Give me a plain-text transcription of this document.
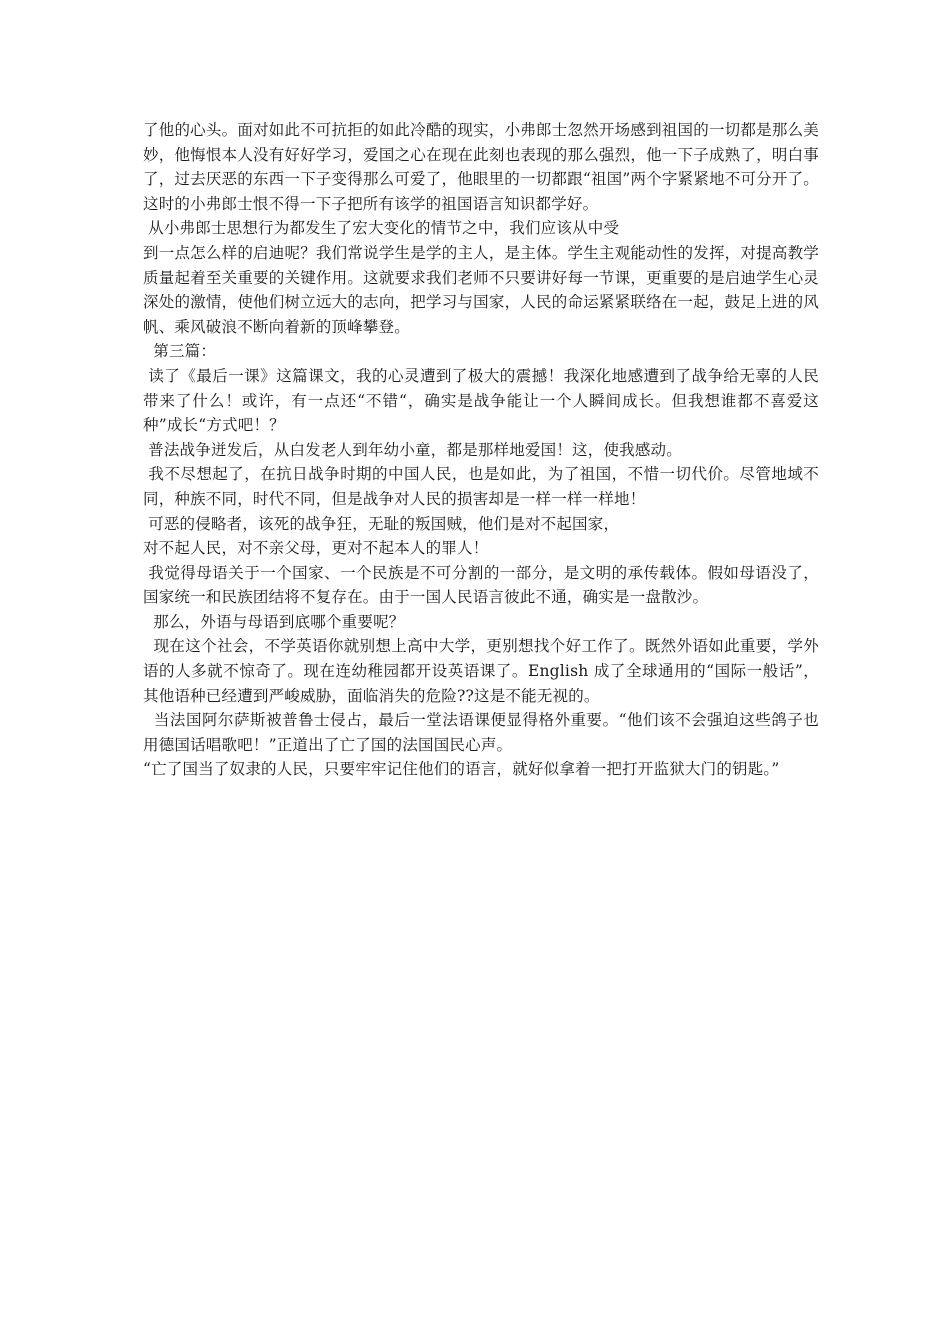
了他的心头。面对如此不可抗拒的如此冷酷的现实，小弗郎士忽然开场感到祖国的一切都是那么美妙，他悔恨本人没有好好学习，爱国之心在现在此刻也表现的那么强烈，他一下子成熟了，明白事了，过去厌恶的东西一下子变得那么可爱了，他眼里的一切都跟“祖国”两个字紧紧地不可分开了。这时的小弗郎士恨不得一下子把所有该学的祖国语言知识都学好。

从小弗郎士思想行为都发生了宏大变化的情节之中，我们应该从中受

到一点怎么样的启迪呢？我们常说学生是学的主人，是主体。学生主观能动性的发挥，对提高教学质量起着至关重要的关键作用。这就要求我们老师不只要讲好每一节课，更重要的是启迪学生心灵深处的激情，使他们树立远大的志向，把学习与国家，人民的命运紧紧联络在一起，鼓足上进的风帆、乘风破浪不断向着新的顶峰攀登。

第三篇：

读了《最后一课》这篇课文，我的心灵遭到了极大的震撼！我深化地感遭到了战争给无辜的人民带来了什么！或许，有一点还“不错“，确实是战争能让一个人瞬间成长。但我想谁都不喜爱这种”成长“方式吧！？

普法战争迸发后，从白发老人到年幼小童，都是那样地爱国！这，使我感动。

我不尽想起了，在抗日战争时期的中国人民，也是如此，为了祖国，不惜一切代价。尽管地域不同，种族不同，时代不同，但是战争对人民的损害却是一样一样一样地！

可恶的侵略者，该死的战争狂，无耻的叛国贼，他们是对不起国家，

对不起人民，对不亲父母，更对不起本人的罪人！

我觉得母语关于一个国家、一个民族是不可分割的一部分，是文明的承传载体。假如母语没了，国家统一和民族团结将不复存在。由于一国人民语言彼此不通，确实是一盘散沙。

那么，外语与母语到底哪个重要呢？

现在这个社会，不学英语你就别想上高中大学，更别想找个好工作了。既然外语如此重要，学外语的人多就不惊奇了。现在连幼稚园都开设英语课了。English 成了全球通用的“国际一般话”，其他语种已经遭到严峻威胁，面临消失的危险??这是不能无视的。

当法国阿尔萨斯被普鲁士侵占，最后一堂法语课便显得格外重要。“他们该不会强迫这些鸽子也用德国话唱歌吧！”正道出了亡了国的法国国民心声。

“亡了国当了奴隶的人民，只要牢牢记住他们的语言，就好似拿着一把打开监狱大门的钥匙。”
